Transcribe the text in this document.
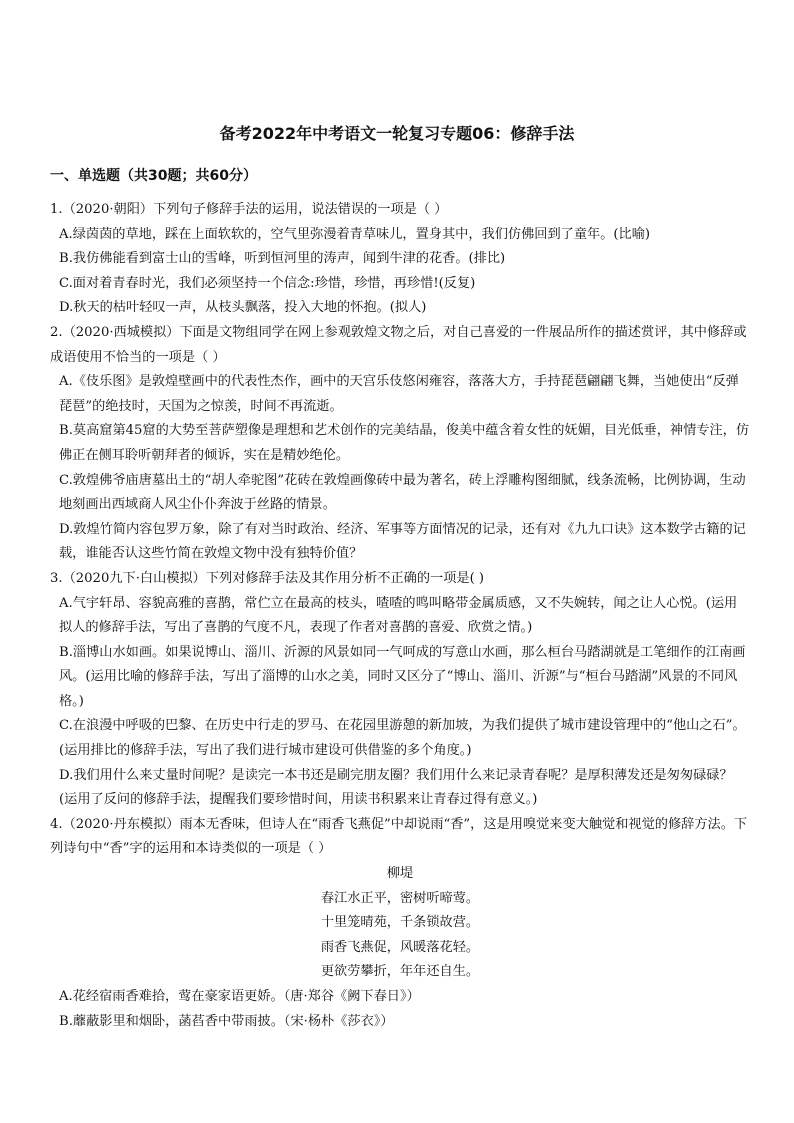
备考2022年中考语文一轮复习专题06：修辞手法
一、单选题（共30题；共60分）

1.（2020·朝阳）下列句子修辞手法的运用，说法错误的一项是（ ）

A.绿茵茵的草地，踩在上面软软的，空气里弥漫着青草味儿，置身其中，我们仿佛回到了童年。(比喻)

B.我仿佛能看到富士山的雪峰，听到恒河里的涛声，闻到牛津的花香。(排比)

C.面对着青春时光，我们必须坚持一个信念:珍惜，珍惜，再珍惜!(反复)

D.秋天的枯叶轻叹一声，从枝头飘落，投入大地的怀抱。(拟人)

2.（2020·西城模拟）下面是文物组同学在网上参观敦煌文物之后，对自己喜爱的一件展品所作的描述赏评，其中修辞或成语使用不恰当的一项是（ ）

A.《伎乐图》是敦煌壁画中的代表性杰作，画中的天宫乐伎悠闲雍容，落落大方，手持琵琶翩翩飞舞，当她使出“反弹琵琶”的绝技时，天国为之惊羡，时间不再流逝。

B.莫高窟第45窟的大势至菩萨塑像是理想和艺术创作的完美结晶，俊美中蕴含着女性的妩媚，目光低垂，神情专注，仿佛正在侧耳聆听朝拜者的倾诉，实在是精妙绝伦。

C.敦煌佛爷庙唐墓出土的“胡人牵驼图”花砖在敦煌画像砖中最为著名，砖上浮雕构图细腻，线条流畅，比例协调，生动地刻画出西域商人风尘仆仆奔波于丝路的情景。

D.敦煌竹简内容包罗万象，除了有对当时政治、经济、军事等方面情况的记录，还有对《九九口诀》这本数学古籍的记载，谁能否认这些竹简在敦煌文物中没有独特价值？

3.（2020九下·白山模拟）下列对修辞手法及其作用分析不正确的一项是( )

A.气宇轩昂、容貌高雅的喜鹊，常伫立在最高的枝头，喳喳的鸣叫略带金属质感，又不失婉转，闻之让人心悦。(运用拟人的修辞手法，写出了喜鹊的气度不凡，表现了作者对喜鹊的喜爱、欣赏之情。)

B.淄博山水如画。如果说博山、淄川、沂源的风景如同一气呵成的写意山水画，那么桓台马踏湖就是工笔细作的江南画风。(运用比喻的修辞手法，写出了淄博的山水之美，同时又区分了“博山、淄川、沂源”与“桓台马踏湖”风景的不同风格。)

C.在浪漫中呼吸的巴黎、在历史中行走的罗马、在花园里游憩的新加坡，为我们提供了城市建设管理中的“他山之石”。(运用排比的修辞手法，写出了我们进行城市建设可供借鉴的多个角度。)

D.我们用什么来丈量时间呢？是读完一本书还是刷完朋友圈？我们用什么来记录青春呢？是厚积薄发还是匆匆碌碌？(运用了反问的修辞手法，提醒我们要珍惜时间，用读书积累来让青春过得有意义。)

4.（2020·丹东模拟）雨本无香味，但诗人在“雨香飞燕促”中却说雨“香”，这是用嗅觉来变大触觉和视觉的修辞方法。下列诗句中“香”字的运用和本诗类似的一项是（ ）

柳堤

春江水正平，密树听啼莺。

十里笼晴苑，千条锁故营。

雨香飞燕促，风暖落花轻。

更欲劳攀折，年年还自生。

A.花经宿雨香难拾，莺在豪家语更娇。（唐·郑谷《阙下春日》）

B.蘼蔽影里和烟卧，菡萏香中带雨披。（宋·杨朴《莎衣》）
